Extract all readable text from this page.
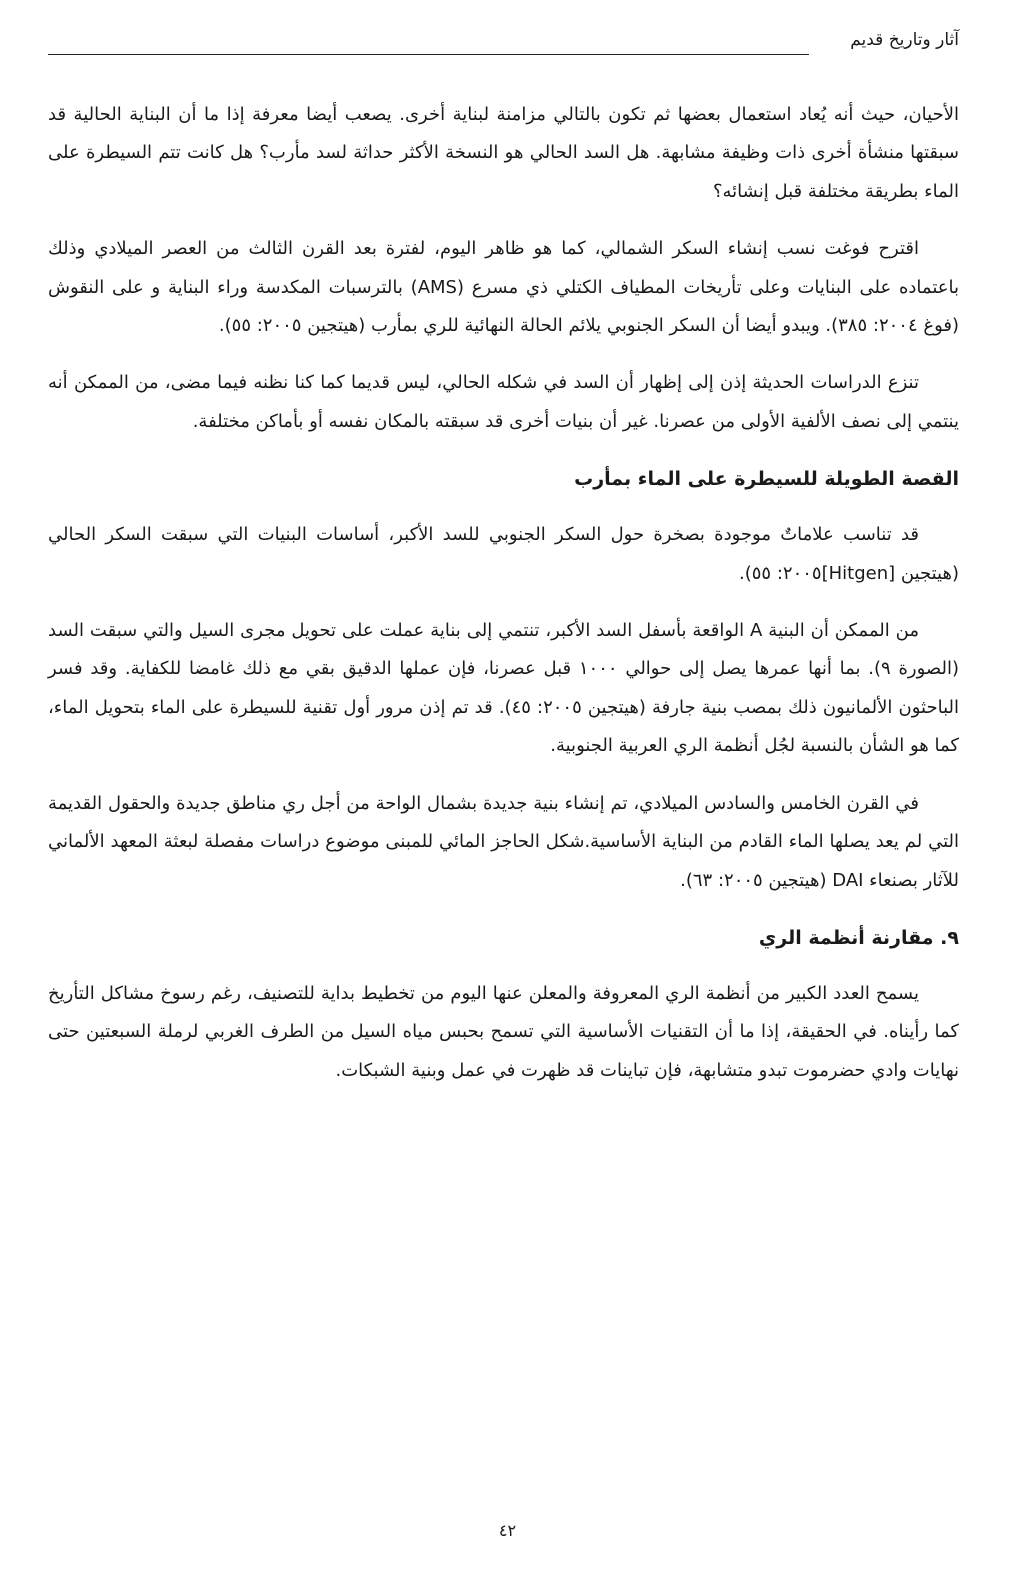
آثار وتاريخ قديم

الأحيان، حيث أنه يُعاد استعمال بعضها ثم تكون بالتالي مزامنة لبناية أخرى. يصعب أيضا معرفة إذا ما أن البناية الحالية قد سبقتها منشأة أخرى ذات وظيفة مشابهة. هل السد الحالي هو النسخة الأكثر حداثة لسد مأرب؟ هل كانت تتم السيطرة على الماء بطريقة مختلفة قبل إنشائه؟

اقترح فوغت نسب إنشاء السكر الشمالي، كما هو ظاهر اليوم، لفترة بعد القرن الثالث من العصر الميلادي وذلك باعتماده على البنايات وعلى تأريخات المطياف الكتلي ذي مسرع (AMS) بالترسبات المكدسة وراء البناية و على النقوش (فوغ ٢٠٠٤: ٣٨٥). ويبدو أيضا أن السكر الجنوبي يلائم الحالة النهائية للري بمأرب (هيتجين ٢٠٠٥: ٥٥).

تنزع الدراسات الحديثة إذن إلى إظهار أن السد في شكله الحالي، ليس قديما كما كنا نظنه فيما مضى، من الممكن أنه ينتمي إلى نصف الألفية الأولى من عصرنا. غير أن بنيات أخرى قد سبقته بالمكان نفسه أو بأماكن مختلفة.

القصة الطويلة للسيطرة على الماء بمأرب

قد تناسب علاماتٌ موجودة بصخرة حول السكر الجنوبي للسد الأكبر، أساسات البنيات التي سبقت السكر الحالي (هيتجين [Hitgen]٢٠٠٥: ٥٥).

من الممكن أن البنية A الواقعة بأسفل السد الأكبر، تنتمي إلى بناية عملت على تحويل مجرى السيل والتي سبقت السد (الصورة ٩). بما أنها عمرها يصل إلى حوالي ١٠٠٠ قبل عصرنا، فإن عملها الدقيق بقي مع ذلك غامضا للكفاية. وقد فسر الباحثون الألمانيون ذلك بمصب بنية جارفة (هيتجين ٢٠٠٥: ٤٥). قد تم إذن مرور أول تقنية للسيطرة على الماء بتحويل الماء، كما هو الشأن بالنسبة لجُل أنظمة الري العربية الجنوبية.

في القرن الخامس والسادس الميلادي، تم إنشاء بنية جديدة بشمال الواحة من أجل ري مناطق جديدة والحقول القديمة التي لم يعد يصلها الماء القادم من البناية الأساسية.شكل الحاجز المائي للمبنى موضوع دراسات مفصلة لبعثة المعهد الألماني للآثار بصنعاء DAI (هيتجين ٢٠٠٥: ٦٣).

٩. مقارنة أنظمة الري

يسمح العدد الكبير من أنظمة الري المعروفة والمعلن عنها اليوم من تخطيط بداية للتصنيف، رغم رسوخ مشاكل التأريخ كما رأيناه. في الحقيقة، إذا ما أن التقنيات الأساسية التي تسمح بحبس مياه السيل من الطرف الغربي لرملة السبعتين حتى نهايات وادي حضرموت تبدو متشابهة، فإن تباينات قد ظهرت في عمل وبنية الشبكات.

٤٢
